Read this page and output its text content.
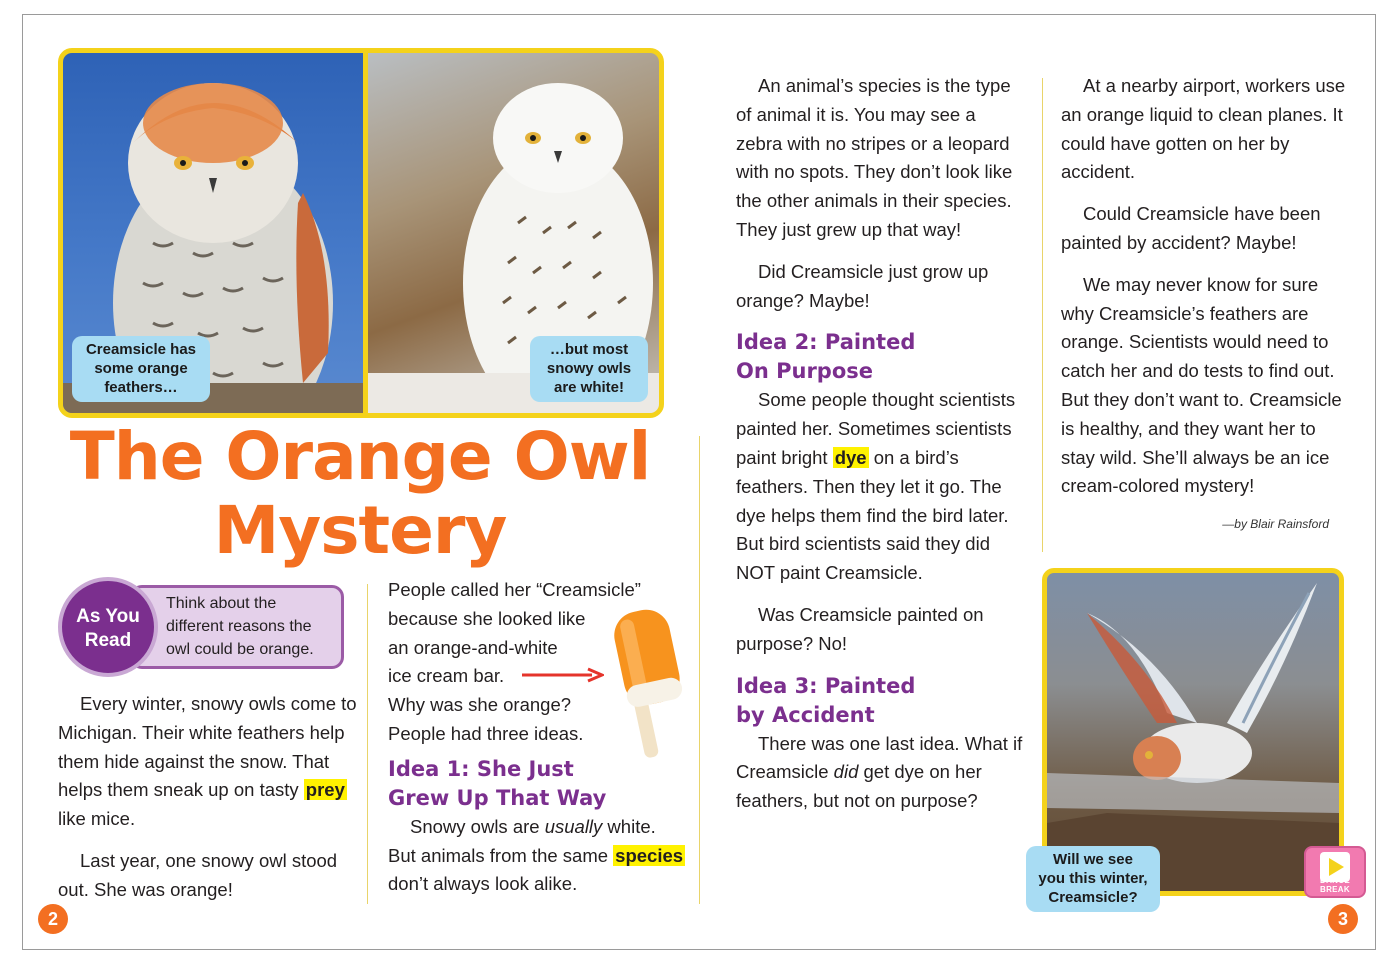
Creamsicle has
some orange
feathers…
…but most
snowy owls
are white!
The Orange Owl
Mystery
As You
Read
Think about the different reasons the owl could be orange.

Every winter, snowy owls come to Michigan. Their white feathers help them hide against the snow. That helps them sneak up on tasty prey like mice.

Last year, one snowy owl stood out. She was orange!

People called her “Creamsicle”
because she looked like
an orange-and-white
ice cream bar.
Why was she orange?
People had three ideas.

Idea 1: She Just
Grew Up That Way

Snowy owls are usually white. But animals from the same species don’t always look alike.

An animal’s species is the type of animal it is. You may see a zebra with no stripes or a leopard with no spots. They don’t look like the other animals in their species. They just grew up that way!

Did Creamsicle just grow up orange? Maybe!

Idea 2: Painted
On Purpose

Some people thought scientists painted her. Sometimes scientists paint bright dye on a bird’s feathers. Then they let it go. The dye helps them find the bird later. But bird scientists said they did NOT paint Creamsicle.

Was Creamsicle painted on purpose? No!

Idea 3: Painted
by Accident

There was one last idea. What if Creamsicle did get dye on her feathers, but not on purpose?

At a nearby airport, workers use an orange liquid to clean planes. It could have gotten on her by accident.

Could Creamsicle have been painted by accident? Maybe!

We may never know for sure why Creamsicle’s feathers are orange. Scientists would need to catch her and do tests to find out. But they don’t want to. Creamsicle is healthy, and they want her to stay wild. She’ll always be an ice cream-colored mystery!

—by Blair Rainsford
Will we see
you this winter,
Creamsicle?
DANCE BREAK
2	3
